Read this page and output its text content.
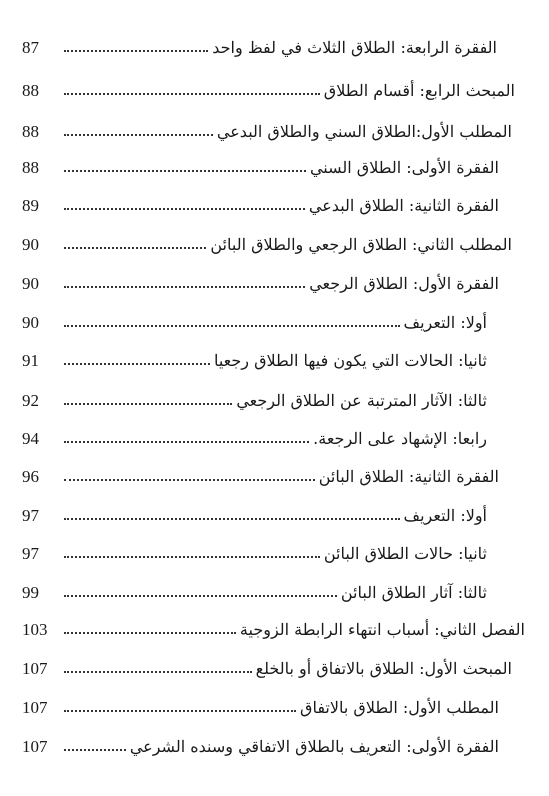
87	الفقرة الرابعة: الطلاق الثلاث في لفظ واحد
88	المبحث الرابع: أقسام الطلاق
88	المطلب الأول:الطلاق السني والطلاق البدعي
88	الفقرة الأولى: الطلاق السني
89	الفقرة الثانية: الطلاق البدعي
90	المطلب الثاني: الطلاق الرجعي والطلاق البائن
90	الفقرة الأول: الطلاق الرجعي
90	أولا: التعريف
91	ثانيا: الحالات التي يكون فيها الطلاق رجعيا
92	ثالثا: الآثار المترتبة عن الطلاق الرجعي
94	رابعا: الإشهاد على الرجعة.
96	الفقرة الثانية: الطلاق البائن
97	أولا: التعريف
97	ثانيا: حالات الطلاق البائن
99	ثالثا: آثار الطلاق البائن
103	الفصل الثاني: أسباب انتهاء الرابطة الزوجية
107	المبحث الأول: الطلاق بالاتفاق أو بالخلع
107	المطلب الأول: الطلاق بالاتفاق
107	الفقرة الأولى: التعريف بالطلاق الاتفاقي وسنده الشرعي
